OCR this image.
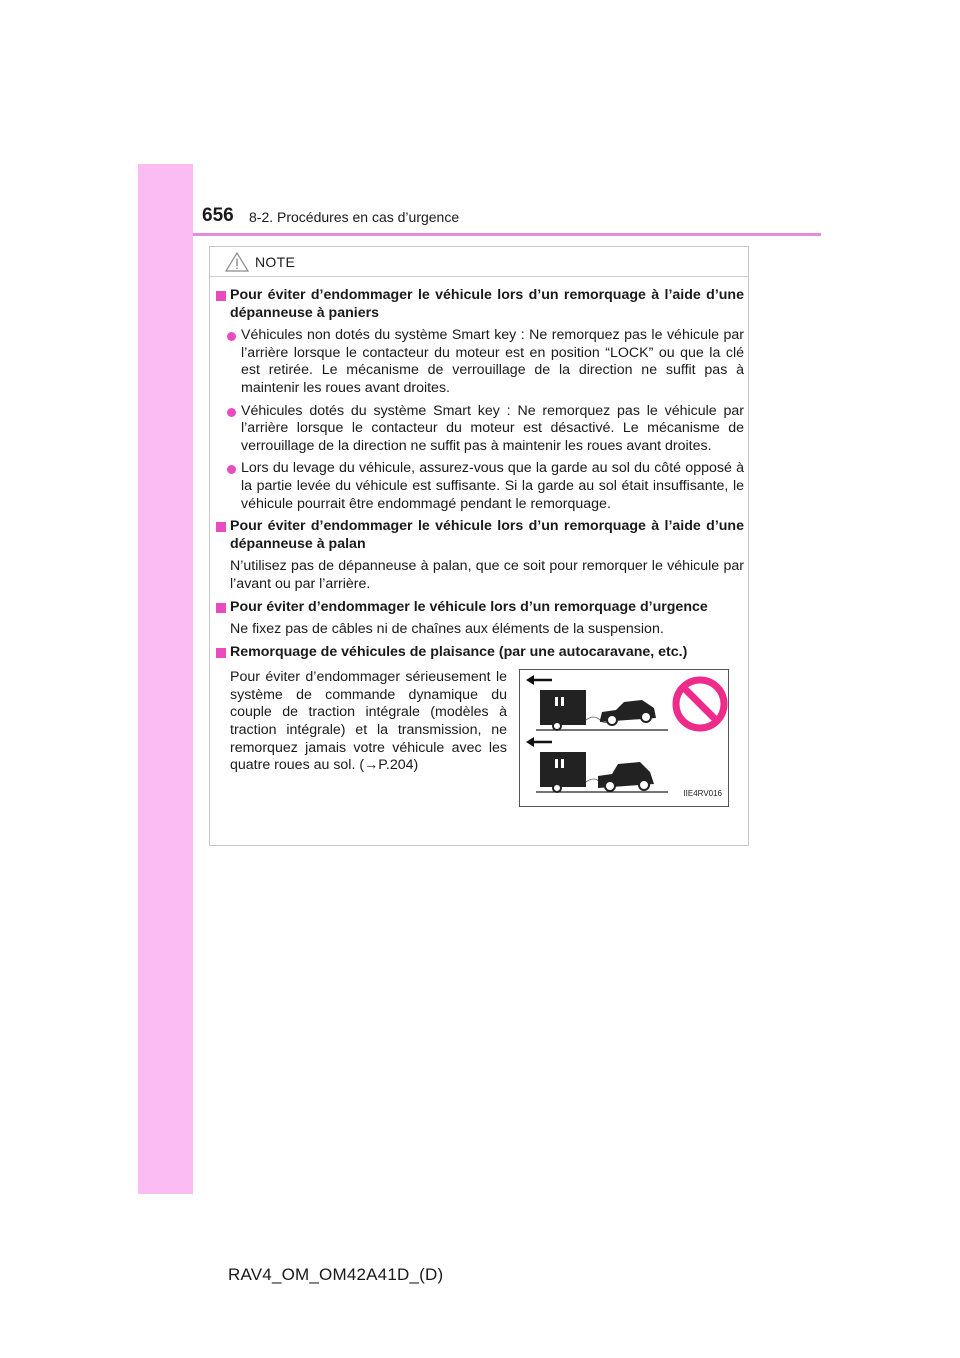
656 8-2. Procédures en cas d’urgence
NOTE
Pour éviter d’endommager le véhicule lors d’un remorquage à l’aide d’une dépanneuse à paniers
Véhicules non dotés du système Smart key : Ne remorquez pas le véhicule par l’arrière lorsque le contacteur du moteur est en position “LOCK” ou que la clé est retirée. Le mécanisme de verrouillage de la direction ne suffit pas à maintenir les roues avant droites.
Véhicules dotés du système Smart key : Ne remorquez pas le véhicule par l’arrière lorsque le contacteur du moteur est désactivé. Le mécanisme de verrouillage de la direction ne suffit pas à maintenir les roues avant droites.
Lors du levage du véhicule, assurez-vous que la garde au sol du côté opposé à la partie levée du véhicule est suffisante. Si la garde au sol était insuffisante, le véhicule pourrait être endommagé pendant le remorquage.
Pour éviter d’endommager le véhicule lors d’un remorquage à l’aide d’une dépanneuse à palan
N’utilisez pas de dépanneuse à palan, que ce soit pour remorquer le véhicule par l’avant ou par l’arrière.
Pour éviter d’endommager le véhicule lors d’un remorquage d’urgence
Ne fixez pas de câbles ni de chaînes aux éléments de la suspension.
Remorquage de véhicules de plaisance (par une autocaravane, etc.)
Pour éviter d’endommager sérieusement le système de commande dynamique du couple de traction intégrale (modèles à traction intégrale) et la transmission, ne remorquez jamais votre véhicule avec les quatre roues au sol. (→P.204)
IIE4RV016
RAV4_OM_OM42A41D_(D)
